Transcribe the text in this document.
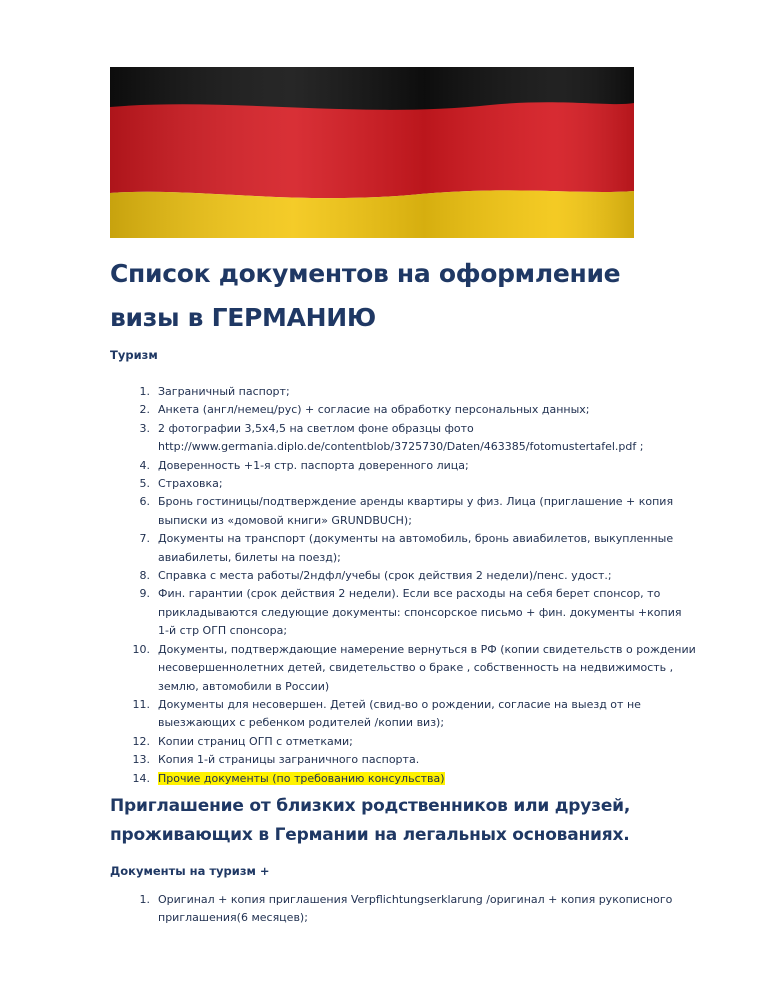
Список документов на оформление
визы в ГЕРМАНИЮ

Туризм

1. Заграничный паспорт;
2. Анкета (англ/немец/рус) + согласие на обработку персональных данных;
3. 2 фотографии 3,5х4,5 на светлом фоне образцы фото
http://www.germania.diplo.de/contentblob/3725730/Daten/463385/fotomustertafel.pdf ;
4. Доверенность +1-я стр. паспорта доверенного лица;
5. Страховка;
6. Бронь гостиницы/подтверждение аренды квартиры у физ. Лица (приглашение + копия
выписки из «домовой книги» GRUNDBUCH);
7. Документы на транспорт (документы на автомобиль, бронь авиабилетов, выкупленные
авиабилеты, билеты на поезд);
8. Справка с места работы/2ндфл/учебы (срок действия 2 недели)/пенс. удост.;
9. Фин. гарантии (срок действия 2 недели). Если все расходы на себя берет спонсор, то
прикладываются следующие документы: спонсорское письмо + фин. документы +копия
1-й стр ОГП спонсора;
10. Документы, подтверждающие намерение вернуться в РФ (копии свидетельств о рождении
несовершеннолетних детей, свидетельство о браке , собственность на недвижимость ,
землю, автомобили в России)
11. Документы для несовершен. Детей (свид-во о рождении, согласие на выезд от не
выезжающих с ребенком родителей /копии виз);
12. Копии страниц ОГП с отметками;
13. Копия 1-й страницы заграничного паспорта.
14. Прочие документы (по требованию консульства)
Приглашение от близких родственников или друзей,
проживающих в Германии на легальных основаниях.

Документы на туризм +

1. Оригинал + копия приглашения Verpflichtungserklarung /оригинал + копия рукописного
приглашения(6 месяцев);
